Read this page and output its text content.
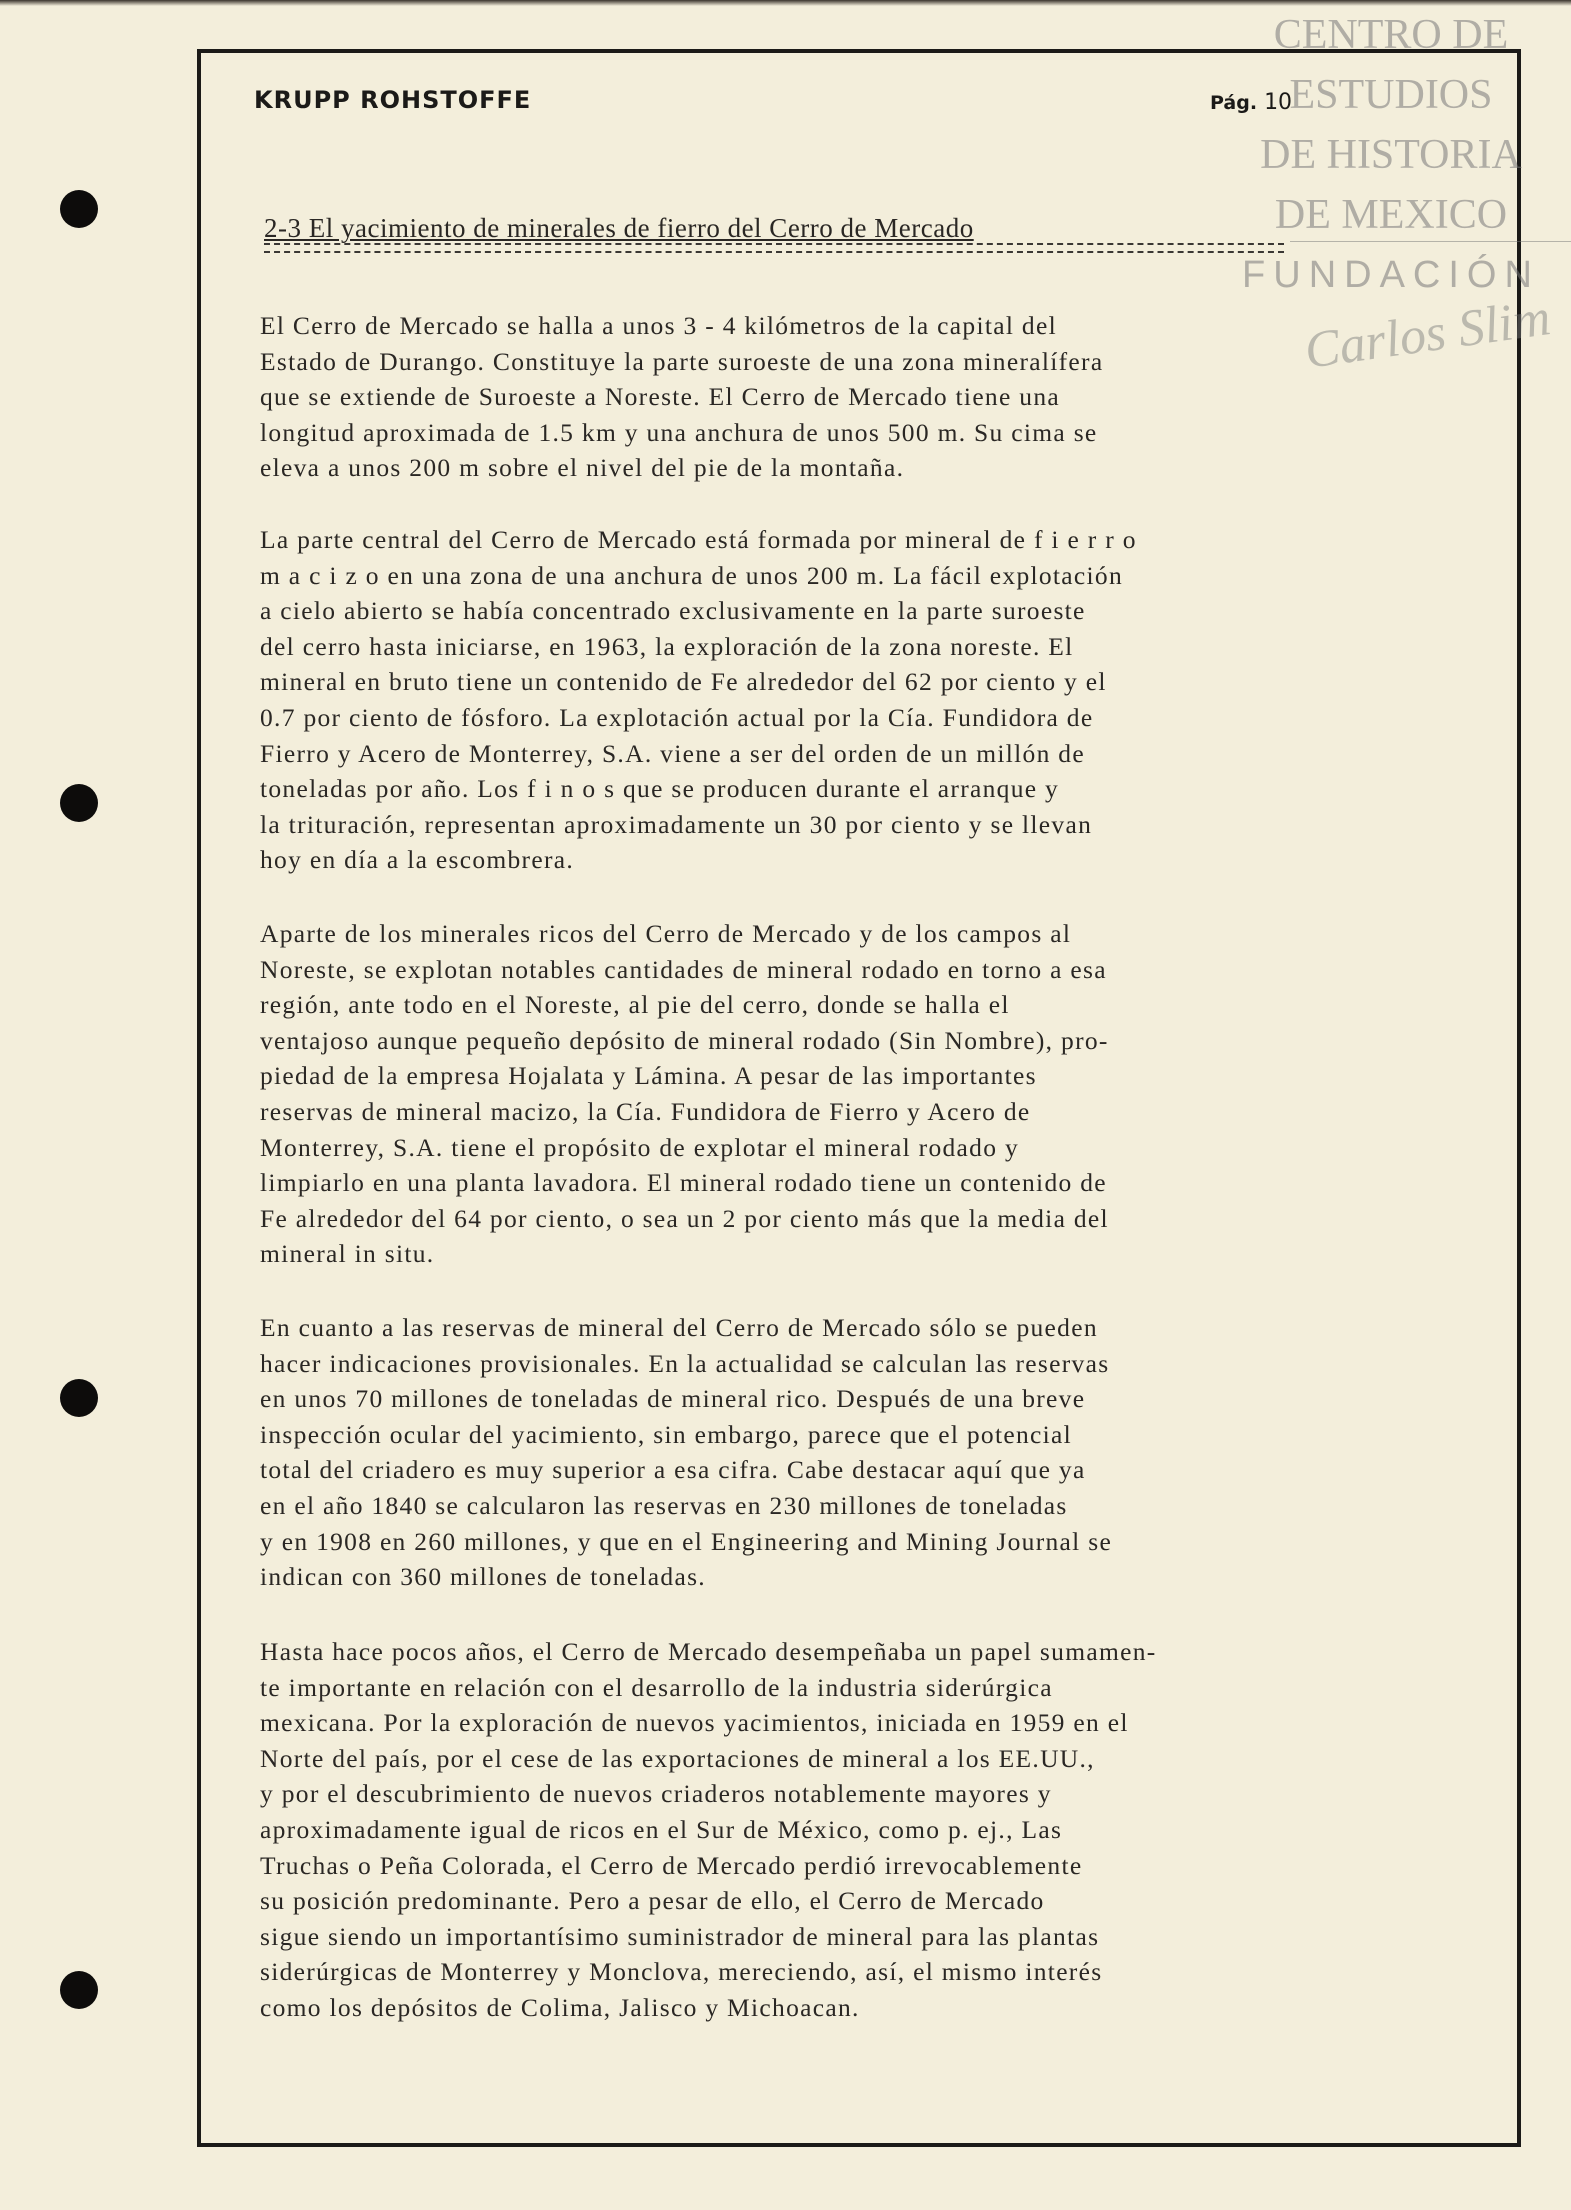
CENTRO DE
ESTUDIOS
DE HISTORIA
DE MEXICO
FUNDACIÓN
Carlos Slim
KRUPP ROHSTOFFE	Pág. 10
2-3 El yacimiento de minerales de fierro del Cerro de Mercado
El Cerro de Mercado se halla a unos 3 - 4 kilómetros de la capital del
Estado de Durango. Constituye la parte suroeste de una zona mineralífera
que se extiende de Suroeste a Noreste. El Cerro de Mercado tiene una
longitud aproximada de 1.5 km y una anchura de unos 500 m. Su cima se
eleva a unos 200 m sobre el nivel del pie de la montaña.
La parte central del Cerro de Mercado está formada por mineral de f i e r r o
m a c i z o en una zona de una anchura de unos 200 m. La fácil explotación
a cielo abierto se había concentrado exclusivamente en la parte suroeste
del cerro hasta iniciarse, en 1963, la exploración de la zona noreste. El
mineral en bruto tiene un contenido de Fe alrededor del 62 por ciento y el
0.7 por ciento de fósforo. La explotación actual por la Cía. Fundidora de
Fierro y Acero de Monterrey, S.A. viene a ser del orden de un millón de
toneladas por año. Los f i n o s que se producen durante el arranque y
la trituración, representan aproximadamente un 30 por ciento y se llevan
hoy en día a la escombrera.
Aparte de los minerales ricos del Cerro de Mercado y de los campos al
Noreste, se explotan notables cantidades de mineral rodado en torno a esa
región, ante todo en el Noreste, al pie del cerro, donde se halla el
ventajoso aunque pequeño depósito de mineral rodado (Sin Nombre), pro-
piedad de la empresa Hojalata y Lámina. A pesar de las importantes
reservas de mineral macizo, la Cía. Fundidora de Fierro y Acero de
Monterrey, S.A. tiene el propósito de explotar el mineral rodado y
limpiarlo en una planta lavadora. El mineral rodado tiene un contenido de
Fe alrededor del 64 por ciento, o sea un 2 por ciento más que la media del
mineral in situ.
En cuanto a las reservas de mineral del Cerro de Mercado sólo se pueden
hacer indicaciones provisionales. En la actualidad se calculan las reservas
en unos 70 millones de toneladas de mineral rico. Después de una breve
inspección ocular del yacimiento, sin embargo, parece que el potencial
total del criadero es muy superior a esa cifra. Cabe destacar aquí que ya
en el año 1840 se calcularon las reservas en 230 millones de toneladas
y en 1908 en 260 millones, y que en el Engineering and Mining Journal se
indican con 360 millones de toneladas.
Hasta hace pocos años, el Cerro de Mercado desempeñaba un papel sumamen-
te importante en relación con el desarrollo de la industria siderúrgica
mexicana. Por la exploración de nuevos yacimientos, iniciada en 1959 en el
Norte del país, por el cese de las exportaciones de mineral a los EE.UU.,
y por el descubrimiento de nuevos criaderos notablemente mayores y
aproximadamente igual de ricos en el Sur de México, como p. ej., Las
Truchas o Peña Colorada, el Cerro de Mercado perdió irrevocablemente
su posición predominante. Pero a pesar de ello, el Cerro de Mercado
sigue siendo un importantísimo suministrador de mineral para las plantas
siderúrgicas de Monterrey y Monclova, mereciendo, así, el mismo interés
como los depósitos de Colima, Jalisco y Michoacan.
